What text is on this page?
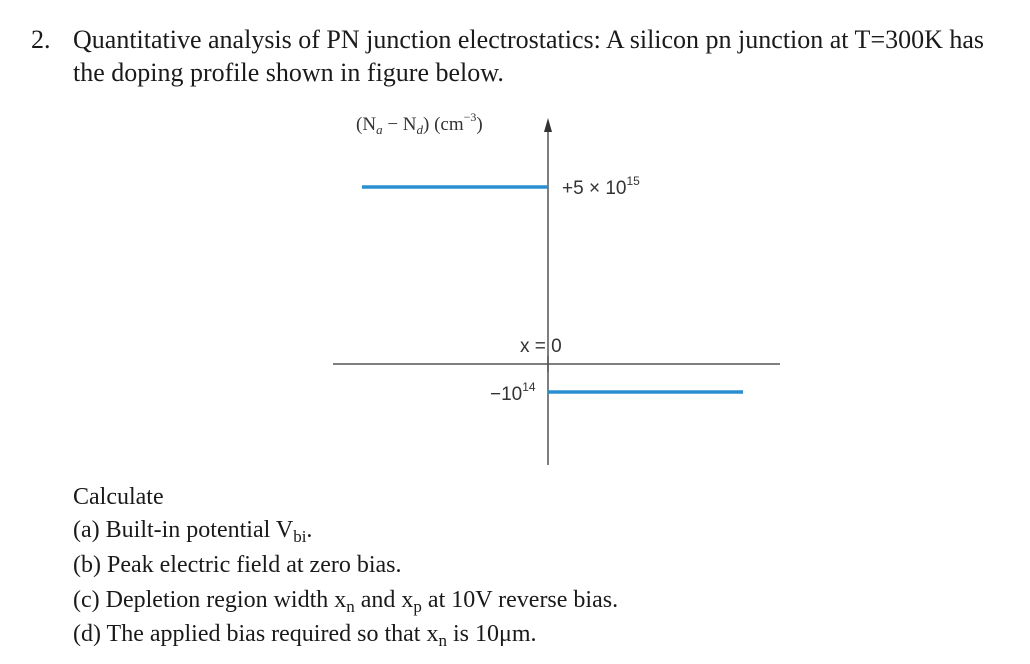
2. Quantitative analysis of PN junction electrostatics: A silicon pn junction at T=300K has
the doping profile shown in figure below.
$(N_a - N_d)$ $(cm^{-3})$
$+5 \times 10^{15}$
x = 0
$-10^{14}$
Calculate
(a) Built-in potential $V_{bi}$.
(b) Peak electric field at zero bias.
(c) Depletion region width $x_n$ and $x_p$ at 10V reverse bias.
(d) The applied bias required so that $x_n$ is 10μm.
